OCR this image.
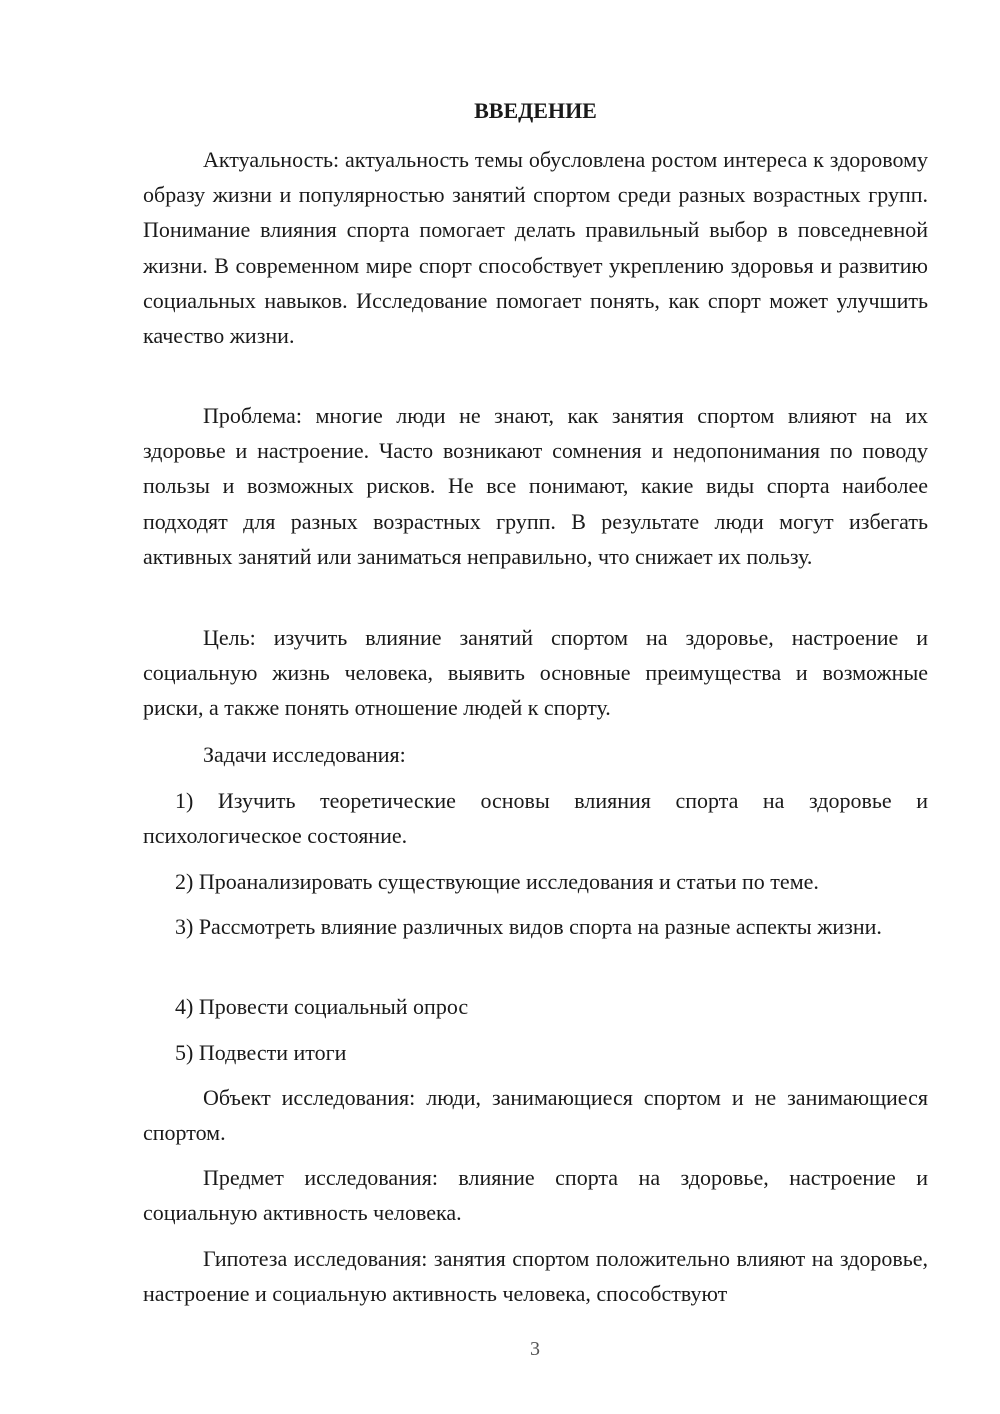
ВВЕДЕНИЕ

Актуальность: актуальность темы обусловлена ростом интереса к здоровому образу жизни и популярностью занятий спортом среди разных возрастных групп. Понимание влияния спорта помогает делать правильный выбор в повседневной жизни. В современном мире спорт способствует укреплению здоровья и развитию социальных навыков. Исследование помогает понять, как спорт может улучшить качество жизни.

Проблема: многие люди не знают, как занятия спортом влияют на их здоровье и настроение. Часто возникают сомнения и недопонимания по поводу пользы и возможных рисков. Не все понимают, какие виды спорта наиболее подходят для разных возрастных групп. В результате люди могут избегать активных занятий или заниматься неправильно, что снижает их пользу.

Цель: изучить влияние занятий спортом на здоровье, настроение и социальную жизнь человека, выявить основные преимущества и возможные риски, а также понять отношение людей к спорту.

Задачи исследования:

1) Изучить теоретические основы влияния спорта на здоровье и психологическое состояние.

2) Проанализировать существующие исследования и статьи по теме.

3) Рассмотреть влияние различных видов спорта на разные аспекты жизни.

4) Провести социальный опрос

5) Подвести итоги

Объект исследования: люди, занимающиеся спортом и не занимающиеся спортом.

Предмет исследования: влияние спорта на здоровье, настроение и социальную активность человека.

Гипотеза исследования: занятия спортом положительно влияют на здоровье, настроение и социальную активность человека, способствуют

3
